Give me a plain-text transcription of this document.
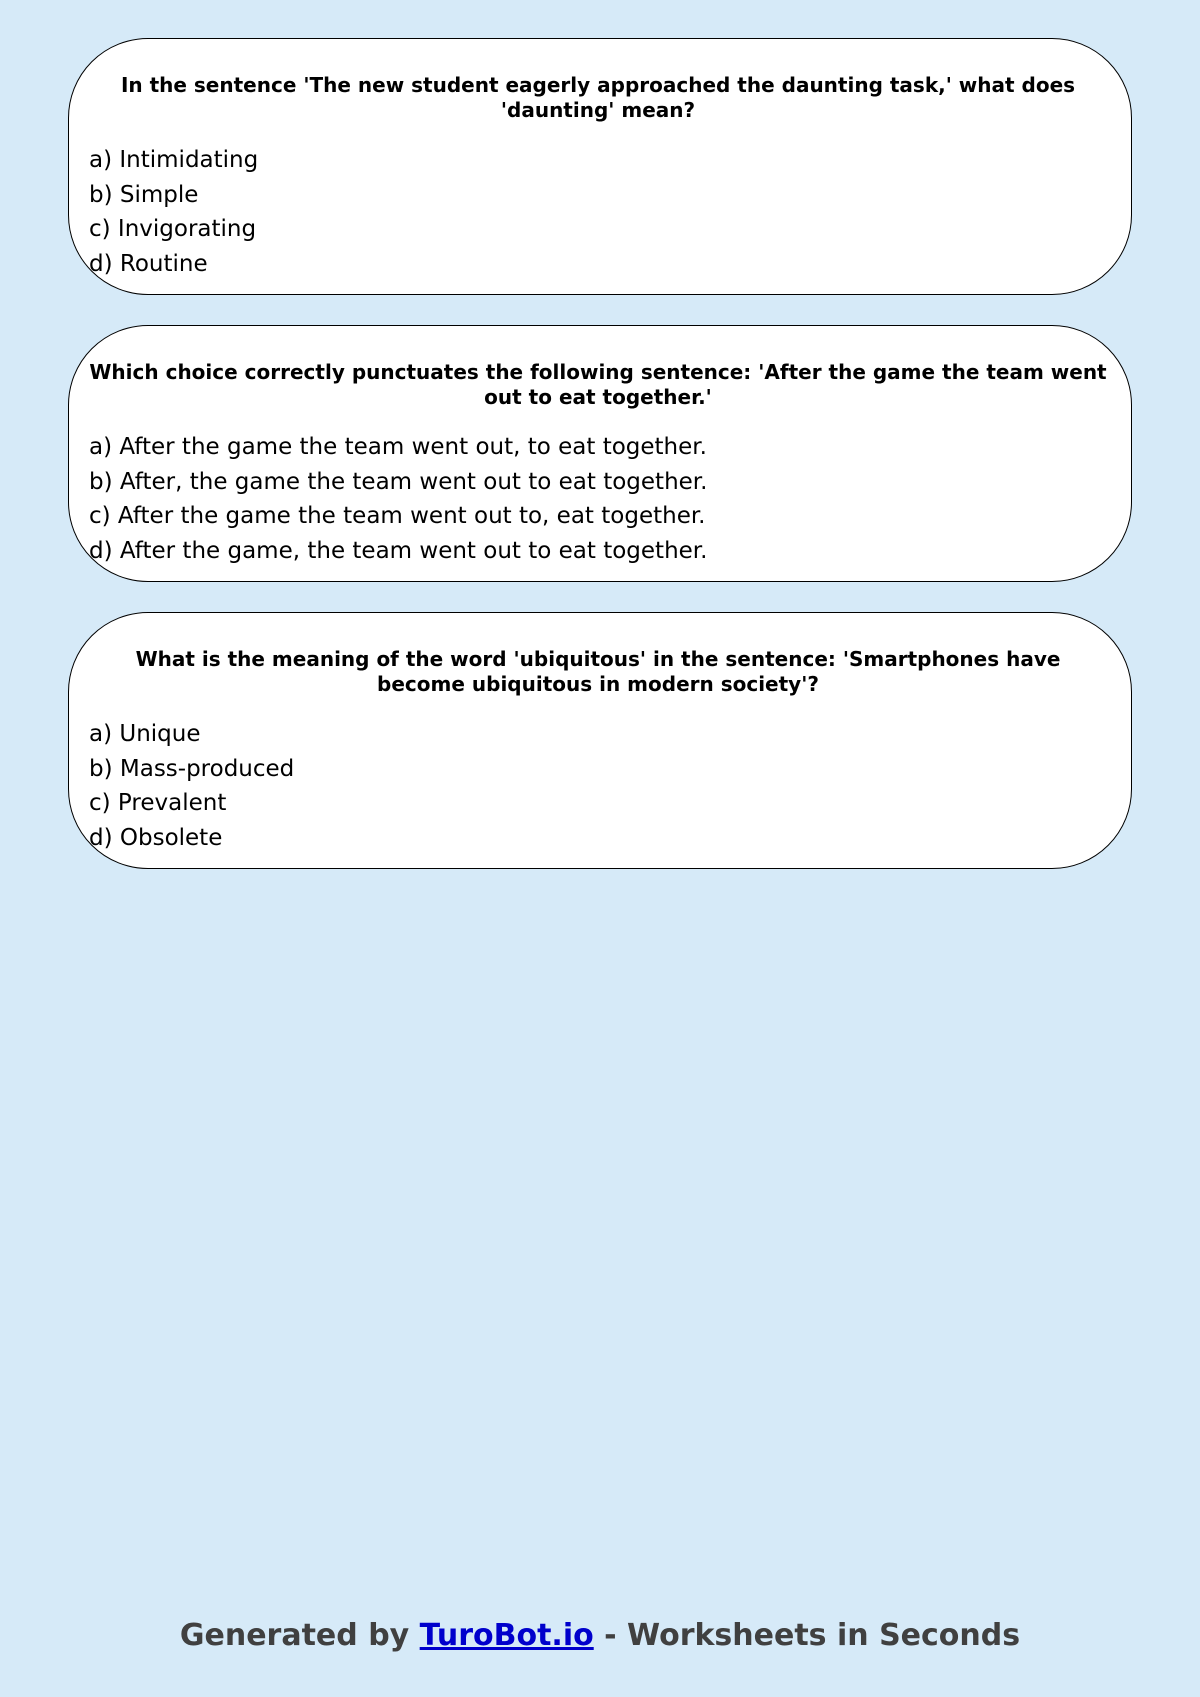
In the sentence 'The new student eagerly approached the daunting task,' what does 'daunting' mean?

a) Intimidating
b) Simple
c) Invigorating
d) Routine

Which choice correctly punctuates the following sentence: 'After the game the team went out to eat together.'

a) After the game the team went out, to eat together.
b) After, the game the team went out to eat together.
c) After the game the team went out to, eat together.
d) After the game, the team went out to eat together.

What is the meaning of the word 'ubiquitous' in the sentence: 'Smartphones have become ubiquitous in modern society'?

a) Unique
b) Mass-produced
c) Prevalent
d) Obsolete
Generated by TuroBot.io - Worksheets in Seconds
